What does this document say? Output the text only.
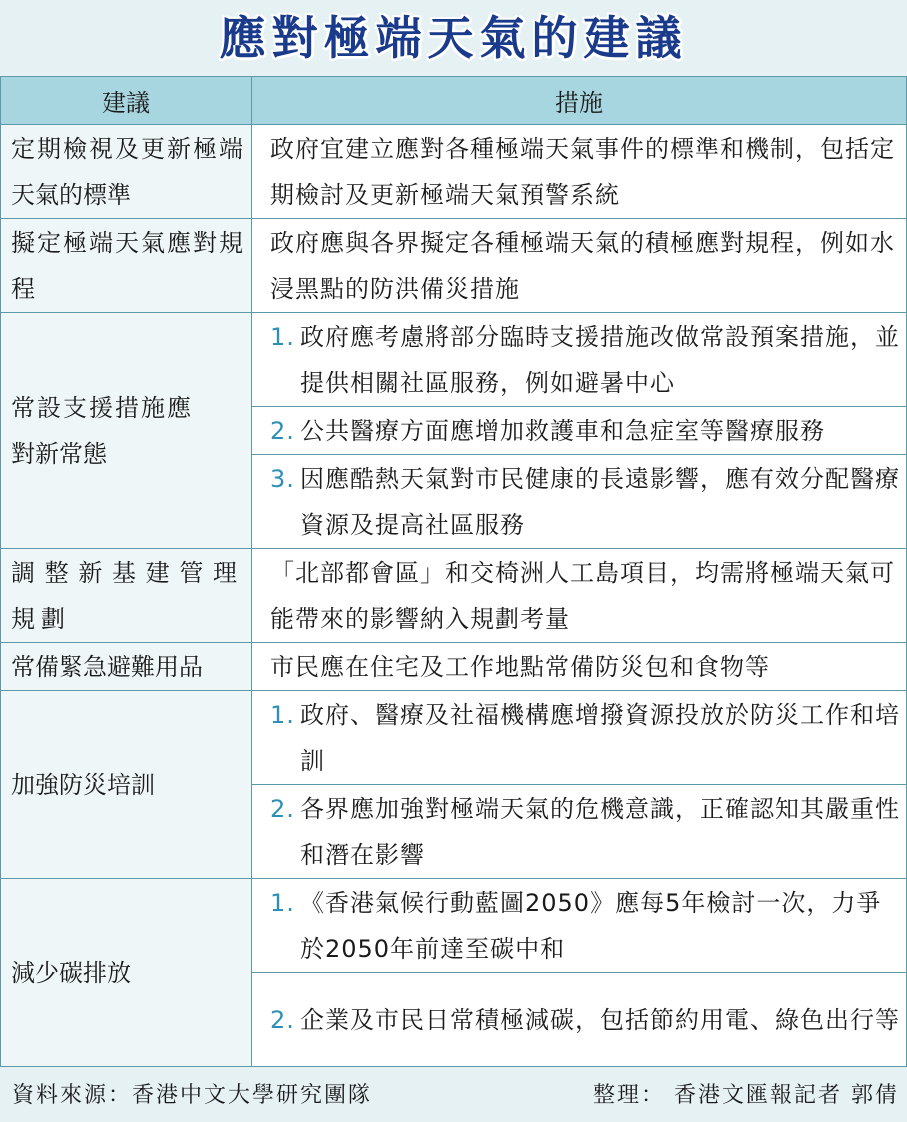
應對極端天氣的建議
建議	措施
定期檢視及更新極端天氣的標準	政府宜建立應對各種極端天氣事件的標準和機制，包括定期檢討及更新極端天氣預警系統
擬定極端天氣應對規程	政府應與各界擬定各種極端天氣的積極應對規程，例如水浸黑點的防洪備災措施
常設支援措施應對新常態	1. 政府應考慮將部分臨時支援措施改做常設預案措施，並提供相關社區服務，例如避暑中心

	2. 公共醫療方面應增加救護車和急症室等醫療服務

	3. 因應酷熱天氣對市民健康的長遠影響，應有效分配醫療資源及提高社區服務

調整新基建管理規劃	「北部都會區」和交椅洲人工島項目，均需將極端天氣可能帶來的影響納入規劃考量
常備緊急避難用品	市民應在住宅及工作地點常備防災包和食物等
加強防災培訓	1. 政府、醫療及社福機構應增撥資源投放於防災工作和培訓

	2. 各界應加強對極端天氣的危機意識，正確認知其嚴重性和潛在影響

減少碳排放	1. 《香港氣候行動藍圖2050》應每5年檢討一次，力爭於2050年前達至碳中和

	2. 企業及市民日常積極減碳，包括節約用電、綠色出行等
資料來源：香港中文大學研究團隊	整理： 香港文匯報記者 郭倩
